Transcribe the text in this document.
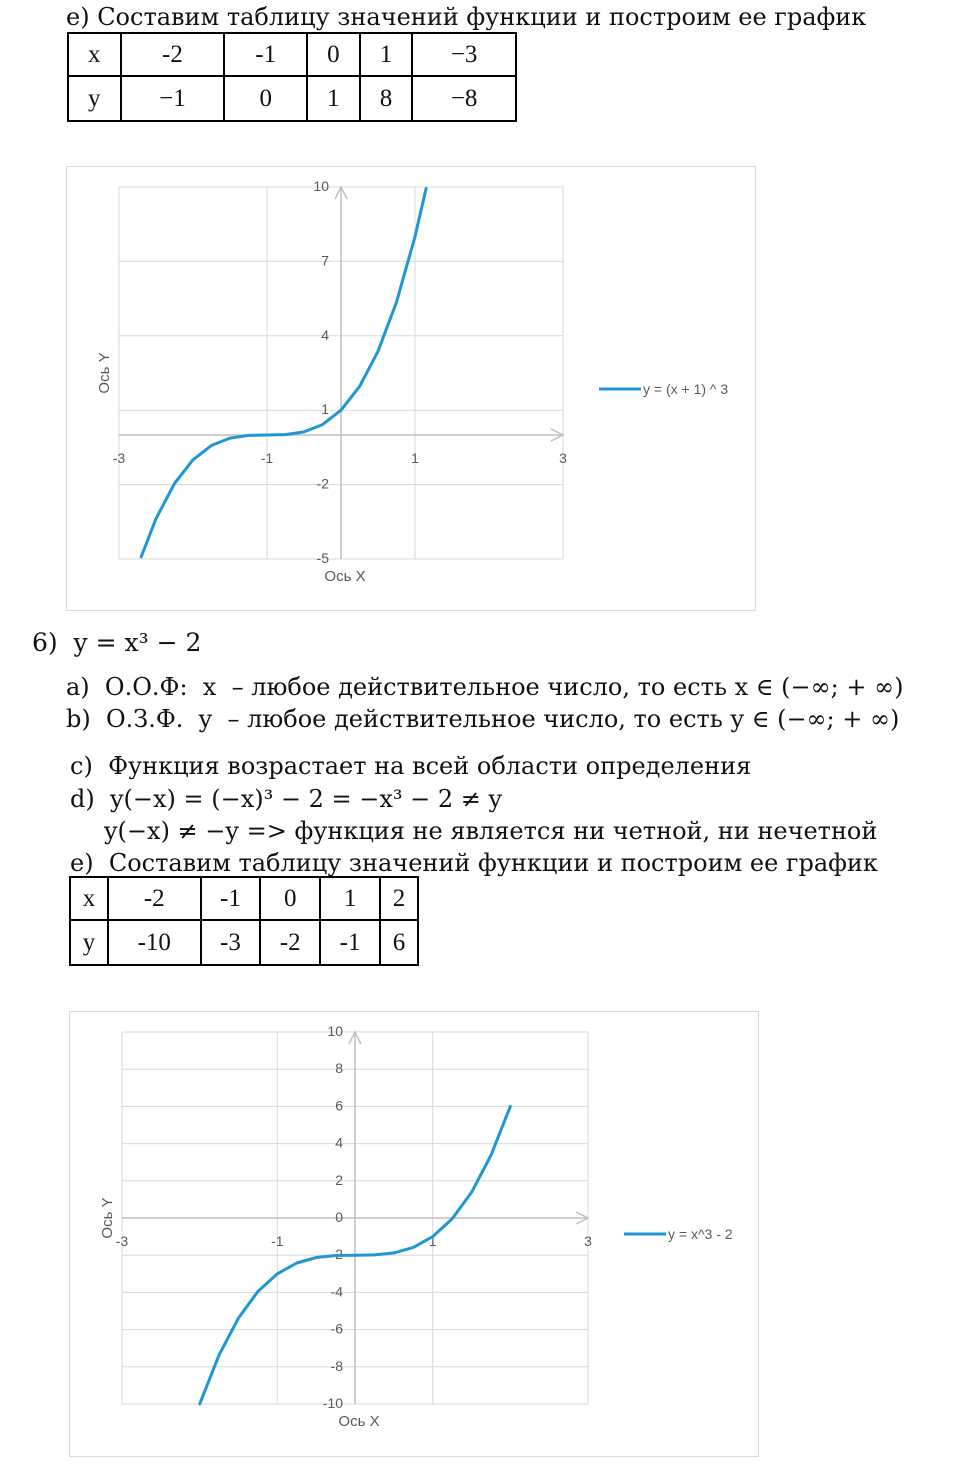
e) Составим таблицу значений функции и построим ее график
x	-2	-1	0	1	−3
y	−1	0	1	8	−8
10
7
4
1
-2
-5
-3	-1	1	3
Ось X
Ось Y	y = (x + 1) ^ 3
6)  y = x³ − 2
a)  О.О.Ф:  x  – любое действительное число, то есть x ∈ (−∞; + ∞)
b)  О.З.Ф.  y  – любое действительное число, то есть y ∈ (−∞; + ∞)
c)  Функция возрастает на всей области определения
d)  y(−x) = (−x)³ − 2 = −x³ − 2 ≠ y
y(−x) ≠ −y => функция не является ни четной, ни нечетной
e)  Составим таблицу значений функции и построим ее график
x	-2	-1	0	1	2
y	-10	-3	-2	-1	6
10
8
6
4
2
0
-2
-4
-6
-8
-10
-3	-1	1	3
Ось X
Ось Y	y = x^3 - 2
